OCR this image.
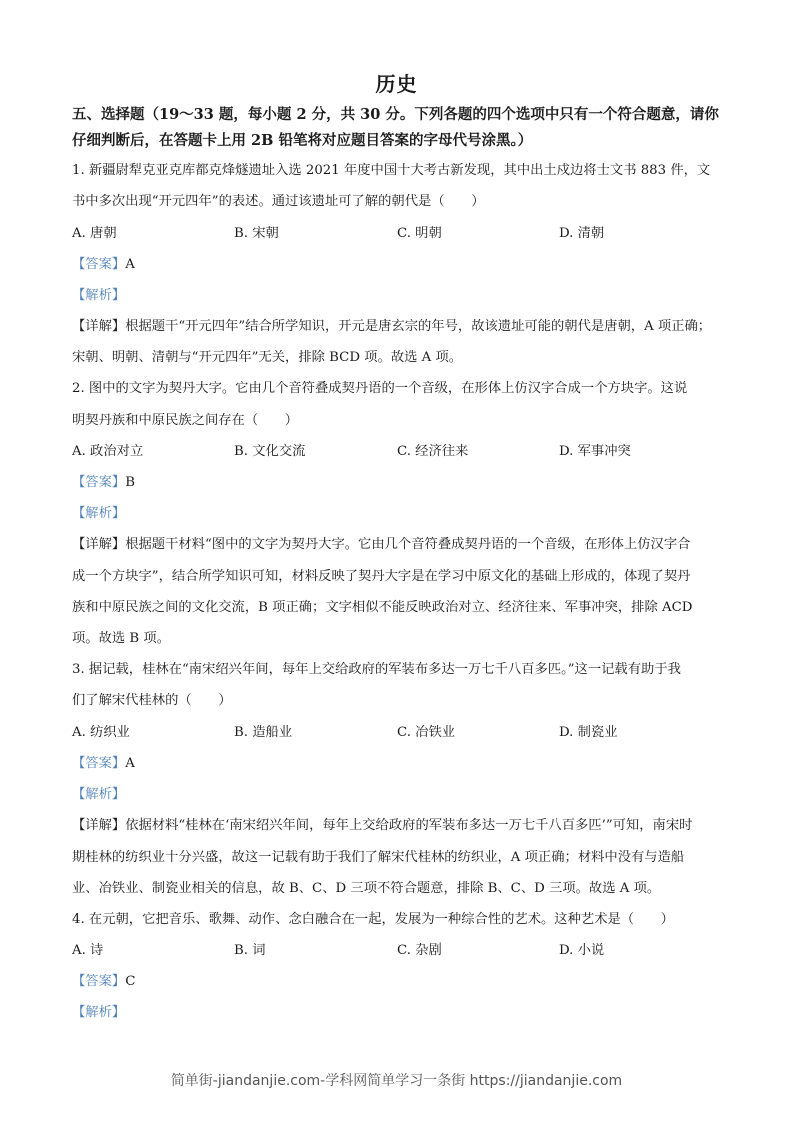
历史
五、选择题（19～33 题，每小题 2 分，共 30 分。下列各题的四个选项中只有一个符合题意，请你仔细判断后，在答题卡上用 2B 铅笔将对应题目答案的字母代号涂黑。）
1. 新疆尉犁克亚克库都克烽燧遗址入选 2021 年度中国十大考古新发现，其中出土戍边将士文书 883 件，文
书中多次出现“开元四年”的表述。通过该遗址可了解的朝代是（　　）
A. 唐朝	B. 宋朝	C. 明朝	D. 清朝
【答案】A
【解析】
【详解】根据题干“开元四年”结合所学知识，开元是唐玄宗的年号，故该遗址可能的朝代是唐朝，A 项正确；
宋朝、明朝、清朝与“开元四年”无关，排除 BCD 项。故选 A 项。
2. 图中的文字为契丹大字。它由几个音符叠成契丹语的一个音级，在形体上仿汉字合成一个方块字。这说
明契丹族和中原民族之间存在（　　）
A. 政治对立	B. 文化交流	C. 经济往来	D. 军事冲突
【答案】B
【解析】
【详解】根据题干材料“图中的文字为契丹大字。它由几个音符叠成契丹语的一个音级，在形体上仿汉字合
成一个方块字”，结合所学知识可知，材料反映了契丹大字是在学习中原文化的基础上形成的，体现了契丹
族和中原民族之间的文化交流，B 项正确；文字相似不能反映政治对立、经济往来、军事冲突，排除 ACD
项。故选 B 项。
3. 据记载，桂林在“南宋绍兴年间，每年上交给政府的军装布多达一万七千八百多匹。”这一记载有助于我
们了解宋代桂林的（　　）
A. 纺织业	B. 造船业	C. 冶铁业	D. 制瓷业
【答案】A
【解析】
【详解】依据材料“桂林在‘南宋绍兴年间，每年上交给政府的军装布多达一万七千八百多匹’”可知，南宋时
期桂林的纺织业十分兴盛，故这一记载有助于我们了解宋代桂林的纺织业，A 项正确；材料中没有与造船
业、冶铁业、制瓷业相关的信息，故 B、C、D 三项不符合题意，排除 B、C、D 三项。故选 A 项。
4. 在元朝，它把音乐、歌舞、动作、念白融合在一起，发展为一种综合性的艺术。这种艺术是（　　）
A. 诗	B. 词	C. 杂剧	D. 小说
【答案】C
【解析】
简单街-jiandanjie.com-学科网简单学习一条街 https://jiandanjie.com
